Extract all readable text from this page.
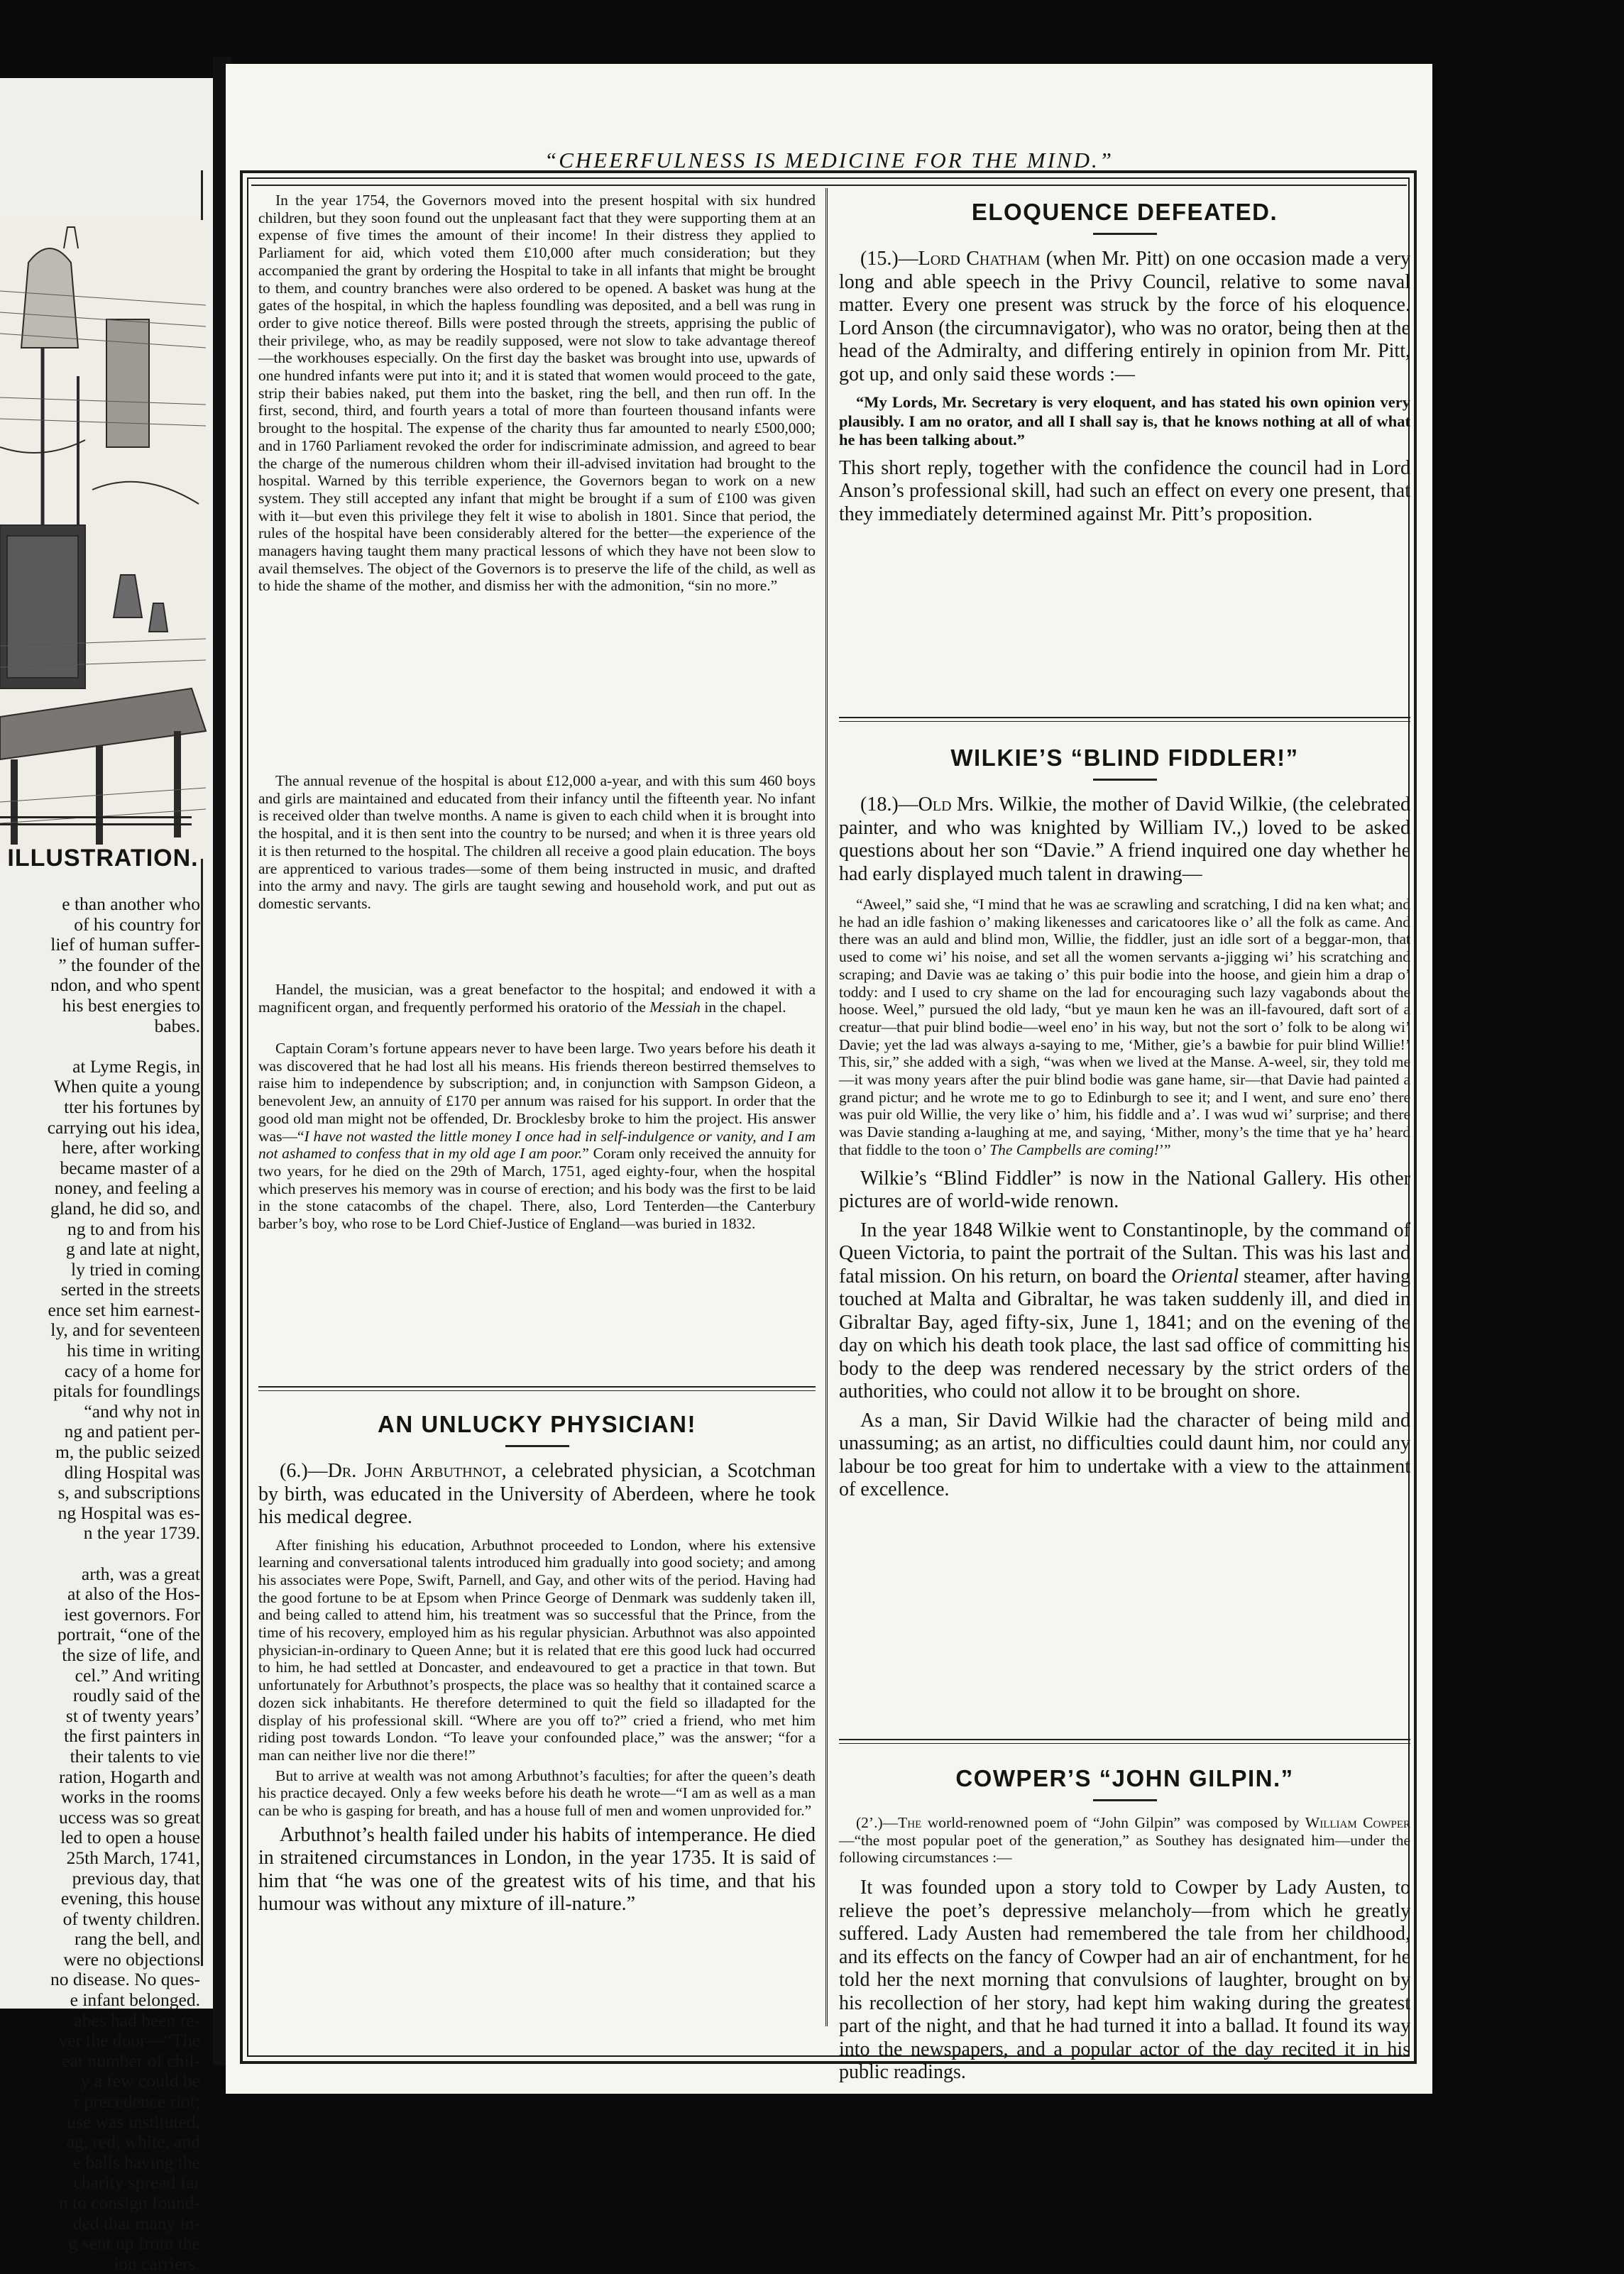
ILLUSTRATION.
e than another who
of his country for
lief of human suffer-
” the founder of the
ndon, and who spent
his best energies to
babes.

at Lyme Regis, in
When quite a young
tter his fortunes by
carrying out his idea,
here, after working
became master of a
noney, and feeling a
gland, he did so, and
ng to and from his
g and late at night,
ly tried in coming
serted in the streets
ence set him earnest-
ly, and for seventeen
his time in writing
cacy of a home for
pitals for foundlings
“and why not in
ng and patient per-
m, the public seized
dling Hospital was
s, and subscriptions
ng Hospital was es-
n the year 1739.

arth, was a great
at also of the Hos-
iest governors. For
portrait, “one of the
the size of life, and
cel.” And writing
roudly said of the
st of twenty years’
the first painters in
their talents to vie
ration, Hogarth and
works in the rooms
uccess was so great
led to open a house
25th March, 1741,
previous day, that
evening, this house
of twenty children.
rang the bell, and
were no objections
no disease. No ques-
e infant belonged.
abes had been re-
ver the door—“The
eat number of chil-
y a few could be
r precedence riot;
use was instituted,
ag, red, white, and
e balls having the
charity spread far
n to consign found-
ded that many in-
g sent up from the
ion carriers.
“CHEERFULNESS IS MEDICINE FOR THE MIND.”

In the year 1754, the Governors moved into the present hospital with six hundred children, but they soon found out the unpleasant fact that they were supporting them at an expense of five times the amount of their income! In their distress they applied to Parliament for aid, which voted them £10,000 after much consideration; but they accompanied the grant by ordering the Hospital to take in all infants that might be brought to them, and country branches were also ordered to be opened. A basket was hung at the gates of the hospital, in which the hapless foundling was deposited, and a bell was rung in order to give notice thereof. Bills were posted through the streets, apprising the public of their privilege, who, as may be readily supposed, were not slow to take advantage thereof—the workhouses especially. On the first day the basket was brought into use, upwards of one hundred infants were put into it; and it is stated that women would proceed to the gate, strip their babies naked, put them into the basket, ring the bell, and then run off. In the first, second, third, and fourth years a total of more than fourteen thousand infants were brought to the hospital. The expense of the charity thus far amounted to nearly £500,000; and in 1760 Parliament revoked the order for indiscriminate admission, and agreed to bear the charge of the numerous children whom their ill-advised invitation had brought to the hospital. Warned by this terrible experience, the Governors began to work on a new system. They still accepted any infant that might be brought if a sum of £100 was given with it—but even this privilege they felt it wise to abolish in 1801. Since that period, the rules of the hospital have been considerably altered for the better—the experience of the managers having taught them many practical lessons of which they have not been slow to avail themselves. The object of the Governors is to preserve the life of the child, as well as to hide the shame of the mother, and dismiss her with the admonition, “sin no more.”

The annual revenue of the hospital is about £12,000 a-year, and with this sum 460 boys and girls are maintained and educated from their infancy until the fifteenth year. No infant is received older than twelve months. A name is given to each child when it is brought into the hospital, and it is then sent into the country to be nursed; and when it is three years old it is then returned to the hospital. The children all receive a good plain education. The boys are apprenticed to various trades—some of them being instructed in music, and drafted into the army and navy. The girls are taught sewing and household work, and put out as domestic servants.

Handel, the musician, was a great benefactor to the hospital; and endowed it with a magnificent organ, and frequently performed his oratorio of the Messiah in the chapel.

Captain Coram’s fortune appears never to have been large. Two years before his death it was discovered that he had lost all his means. His friends thereon bestirred themselves to raise him to independence by subscription; and, in conjunction with Sampson Gideon, a benevolent Jew, an annuity of £170 per annum was raised for his support. In order that the good old man might not be offended, Dr. Brocklesby broke to him the project. His answer was—“I have not wasted the little money I once had in self-indulgence or vanity, and I am not ashamed to confess that in my old age I am poor.” Coram only received the annuity for two years, for he died on the 29th of March, 1751, aged eighty-four, when the hospital which preserves his memory was in course of erection; and his body was the first to be laid in the stone catacombs of the chapel. There, also, Lord Tenterden—the Canterbury barber’s boy, who rose to be Lord Chief-Justice of England—was buried in 1832.

AN UNLUCKY PHYSICIAN!

(6.)—Dr. John Arbuthnot, a celebrated physician, a Scotchman by birth, was educated in the University of Aberdeen, where he took his medical degree.

After finishing his education, Arbuthnot proceeded to London, where his extensive learning and conversational talents introduced him gradually into good society; and among his associates were Pope, Swift, Parnell, and Gay, and other wits of the period. Having had the good fortune to be at Epsom when Prince George of Denmark was suddenly taken ill, and being called to attend him, his treatment was so successful that the Prince, from the time of his recovery, employed him as his regular physician. Arbuthnot was also appointed physician-in-ordinary to Queen Anne; but it is related that ere this good luck had occurred to him, he had settled at Doncaster, and endeavoured to get a practice in that town. But unfortunately for Arbuthnot’s prospects, the place was so healthy that it contained scarce a dozen sick inhabitants. He therefore determined to quit the field so illadapted for the display of his professional skill. “Where are you off to?” cried a friend, who met him riding post towards London. “To leave your confounded place,” was the answer; “for a man can neither live nor die there!”

But to arrive at wealth was not among Arbuthnot’s faculties; for after the queen’s death his practice decayed. Only a few weeks before his death he wrote—“I am as well as a man can be who is gasping for breath, and has a house full of men and women unprovided for.”

Arbuthnot’s health failed under his habits of intemperance. He died in straitened circumstances in London, in the year 1735. It is said of him that “he was one of the greatest wits of his time, and that his humour was without any mixture of ill-nature.”

ELOQUENCE DEFEATED.

(15.)—Lord Chatham (when Mr. Pitt) on one occasion made a very long and able speech in the Privy Council, relative to some naval matter. Every one present was struck by the force of his eloquence. Lord Anson (the circumnavigator), who was no orator, being then at the head of the Admiralty, and differing entirely in opinion from Mr. Pitt, got up, and only said these words :—

“My Lords, Mr. Secretary is very eloquent, and has stated his own opinion very plausibly. I am no orator, and all I shall say is, that he knows nothing at all of what he has been talking about.”

This short reply, together with the confidence the council had in Lord Anson’s professional skill, had such an effect on every one present, that they immediately determined against Mr. Pitt’s proposition.

WILKIE’S “BLIND FIDDLER!”

(18.)—Old Mrs. Wilkie, the mother of David Wilkie, (the celebrated painter, and who was knighted by William IV.,) loved to be asked questions about her son “Davie.” A friend inquired one day whether he had early displayed much talent in drawing—

“Aweel,” said she, “I mind that he was ae scrawling and scratching, I did na ken what; and he had an idle fashion o’ making likenesses and caricatoores like o’ all the folk as came. And there was an auld and blind mon, Willie, the fiddler, just an idle sort of a beggar-mon, that used to come wi’ his noise, and set all the women servants a-jigging wi’ his scratching and scraping; and Davie was ae taking o’ this puir bodie into the hoose, and giein him a drap o’ toddy: and I used to cry shame on the lad for encouraging such lazy vagabonds about the hoose. Weel,” pursued the old lady, “but ye maun ken he was an ill-favoured, daft sort of a creatur—that puir blind bodie—weel eno’ in his way, but not the sort o’ folk to be along wi’ Davie; yet the lad was always a-saying to me, ‘Mither, gie’s a bawbie for puir blind Willie!’ This, sir,” she added with a sigh, “was when we lived at the Manse. A-weel, sir, they told me—it was mony years after the puir blind bodie was gane hame, sir—that Davie had painted a grand pictur; and he wrote me to go to Edinburgh to see it; and I went, and sure eno’ there was puir old Willie, the very like o’ him, his fiddle and a’. I was wud wi’ surprise; and there was Davie standing a-laughing at me, and saying, ‘Mither, mony’s the time that ye ha’ heard that fiddle to the toon o’ The Campbells are coming!’”

Wilkie’s “Blind Fiddler” is now in the National Gallery. His other pictures are of world-wide renown.

In the year 1848 Wilkie went to Constantinople, by the command of Queen Victoria, to paint the portrait of the Sultan. This was his last and fatal mission. On his return, on board the Oriental steamer, after having touched at Malta and Gibraltar, he was taken suddenly ill, and died in Gibraltar Bay, aged fifty-six, June 1, 1841; and on the evening of the day on which his death took place, the last sad office of committing his body to the deep was rendered necessary by the strict orders of the authorities, who could not allow it to be brought on shore.

As a man, Sir David Wilkie had the character of being mild and unassuming; as an artist, no difficulties could daunt him, nor could any labour be too great for him to undertake with a view to the attainment of excellence.

COWPER’S “JOHN GILPIN.”

(2’.)—The world-renowned poem of “John Gilpin” was composed by William Cowper—“the most popular poet of the generation,” as Southey has designated him—under the following circumstances :—

It was founded upon a story told to Cowper by Lady Austen, to relieve the poet’s depressive melancholy—from which he greatly suffered. Lady Austen had remembered the tale from her childhood, and its effects on the fancy of Cowper had an air of enchantment, for he told her the next morning that convulsions of laughter, brought on by his recollection of her story, had kept him waking during the greatest part of the night, and that he had turned it into a ballad. It found its way into the newspapers, and a popular actor of the day recited it in his public readings.
